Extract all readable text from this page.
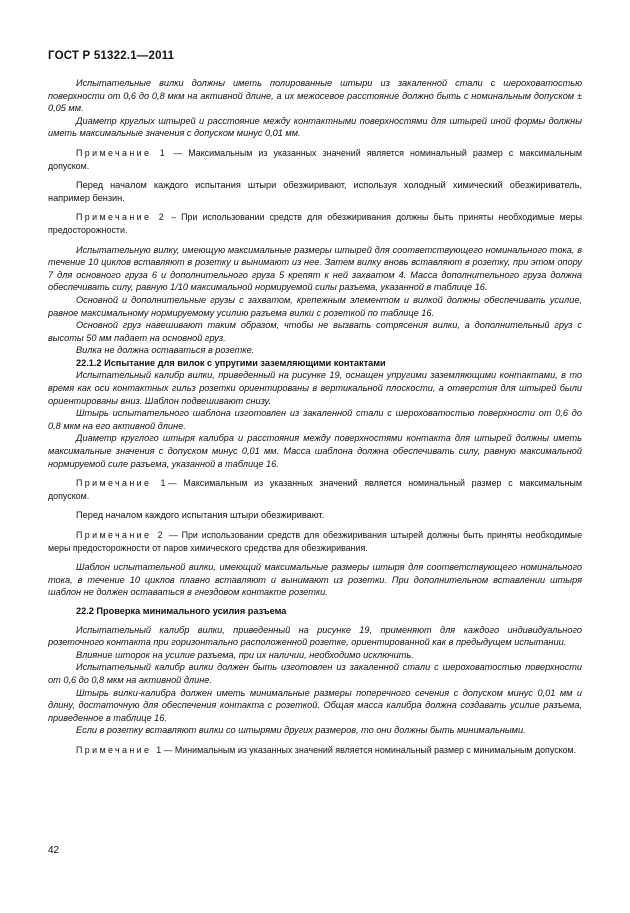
ГОСТ Р 51322.1—2011

Испытательные вилки должны иметь полированные штыри из закаленной стали с шероховатостью поверхности от 0,6 до 0,8 мкм на активной длине, а их межосевое расстояние должно быть с номинальным допуском ± 0,05 мм.

Диаметр круглых штырей и расстояние между контактными поверхностями для штырей иной формы должны иметь максимальные значения с допуском минус 0,01 мм.

Примечание 1 — Максимальным из указанных значений является номинальный размер с максимальным допуском.

Перед началом каждого испытания штыри обезжиривают, используя холодный химический обезжириватель, например бензин.

Примечание 2 – При использовании средств для обезжиривания должны быть приняты необходимые меры предосторожности.

Испытательную вилку, имеющую максимальные размеры штырей для соответствующего номинального тока, в течение 10 циклов вставляют в розетку и вынимают из нее. Затем вилку вновь вставляют в розетку, при этом опору 7 для основного груза 6 и дополнительного груза 5 крепят к ней захватом 4. Масса дополнительного груза должна обеспечивать силу, равную 1/10 максимальной нормируемой силы разъема, указанной в таблице 16.

Основной и дополнительные грузы с захватом, крепежным элементом и вилкой должны обеспечивать усилие, равное максимальному нормируемому усилию разъема вилки с розеткой по таблице 16.

Основной груз навешивают таким образом, чтобы не вызвать сотрясения вилки, а дополнительный груз с высоты 50 мм падает на основной груз.

Вилка не должна оставаться в розетке.

22.1.2 Испытание для вилок с упругими заземляющими контактами

Испытательный калибр вилки, приведенный на рисунке 19, оснащен упругими заземляющими контактами, в то время как оси контактных гильз розетки ориентированы в вертикальной плоскости, а отверстия для штырей были ориентированы вниз. Шаблон подвешивают снизу.

Штырь испытательного шаблона изготовлен из закаленной стали с шероховатостью поверхности от 0,6 до 0,8 мкм на его активной длине.

Диаметр круглого штыря калибра и расстояния между поверхностями контакта для штырей должны иметь максимальные значения с допуском минус 0,01 мм. Масса шаблона должна обеспечивать силу, равную максимальной нормируемой силе разъема, указанной в таблице 16.

Примечание 1— Максимальным из указанных значений является номинальный размер с максимальным допуском.

Перед началом каждого испытания штыри обезжиривают.

Примечание 2 — При использовании средств для обезжиривания штырей должны быть приняты необходимые меры предосторожности от паров химического средства для обезжиривания.

Шаблон испытательной вилки, имеющий максимальные размеры штыря для соответствующего номинального тока, в течение 10 циклов плавно вставляют и вынимают из розетки. При дополнительном вставлении штыря шаблон не должен оставаться в гнездовом контакте розетки.

22.2 Проверка минимального усилия разъема

Испытательный калибр вилки, приведенный на рисунке 19, применяют для каждого индивидуального розеточного контакта при горизонтально расположенной розетке, ориентированной как в предыдущем испытании.

Влияние шторок на усилие разъема, при их наличии, необходимо исключить.

Испытательный калибр вилки должен быть изготовлен из закаленной стали с шероховатостью поверхности от 0,6 до 0,8 мкм на активной длине.

Штырь вилки-калибра должен иметь минимальные размеры поперечного сечения с допуском минус 0,01 мм и длину, достаточную для обеспечения контакта с розеткой. Общая масса калибра должна создавать усилие разъема, приведенное в таблице 16.

Если в розетку вставляют вилки со штырями других размеров, то они должны быть минимальными.

Примечание 1— Минимальным из указанных значений является номинальный размер с минимальным допуском.

42
